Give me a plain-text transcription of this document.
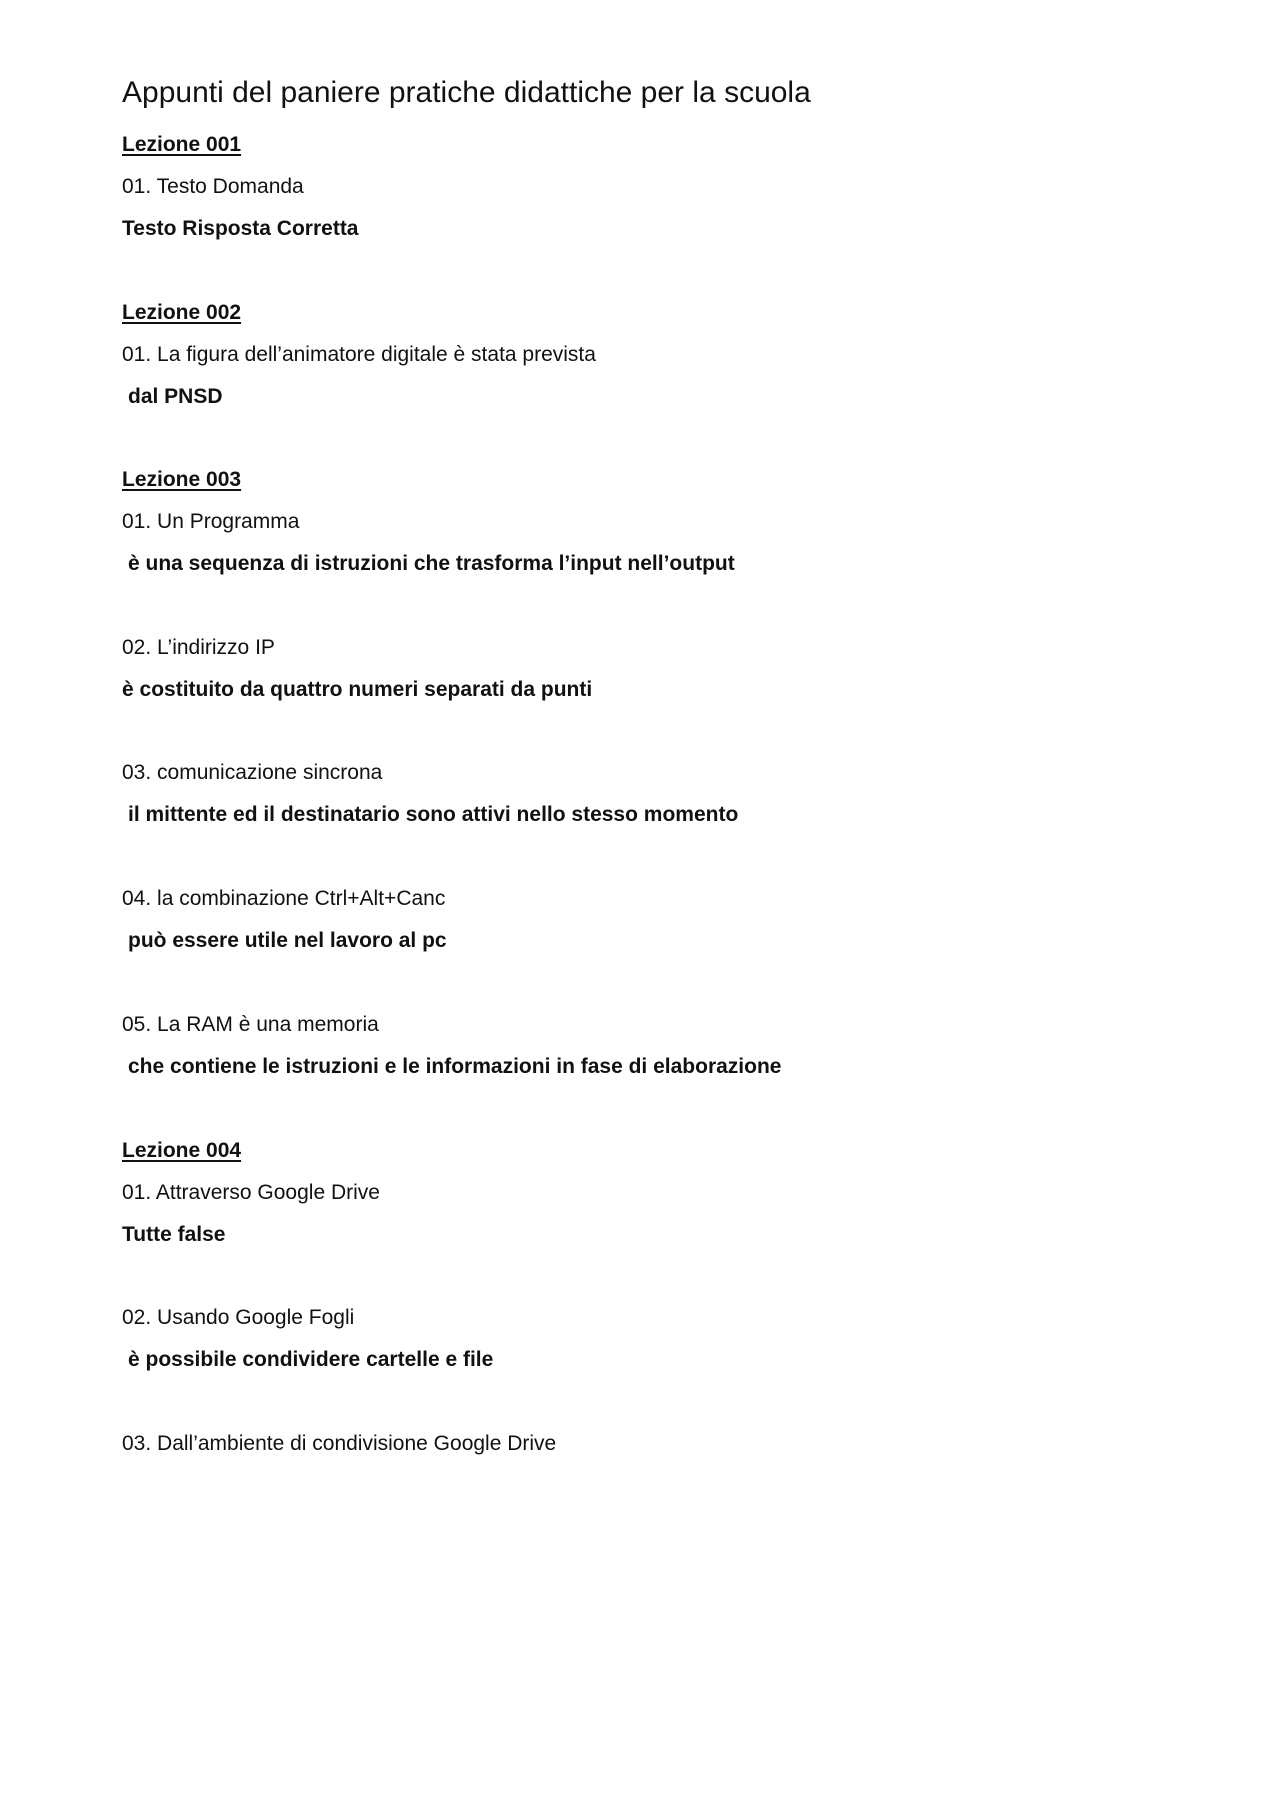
Appunti del paniere pratiche didattiche per la scuola
Lezione 001
01. Testo Domanda
Testo Risposta Corretta
Lezione 002
01. La figura dell’animatore digitale è stata prevista
dal PNSD
Lezione 003
01. Un Programma
è una sequenza di istruzioni che trasforma l’input nell’output
02. L’indirizzo IP
è costituito da quattro numeri separati da punti
03. comunicazione sincrona
il mittente ed il destinatario sono attivi nello stesso momento
04. la combinazione Ctrl+Alt+Canc
può essere utile nel lavoro al pc
05. La RAM è una memoria
che contiene le istruzioni e le informazioni in fase di elaborazione
Lezione 004
01. Attraverso Google Drive
Tutte false
02. Usando Google Fogli
è possibile condividere cartelle e file
03. Dall’ambiente di condivisione Google Drive
